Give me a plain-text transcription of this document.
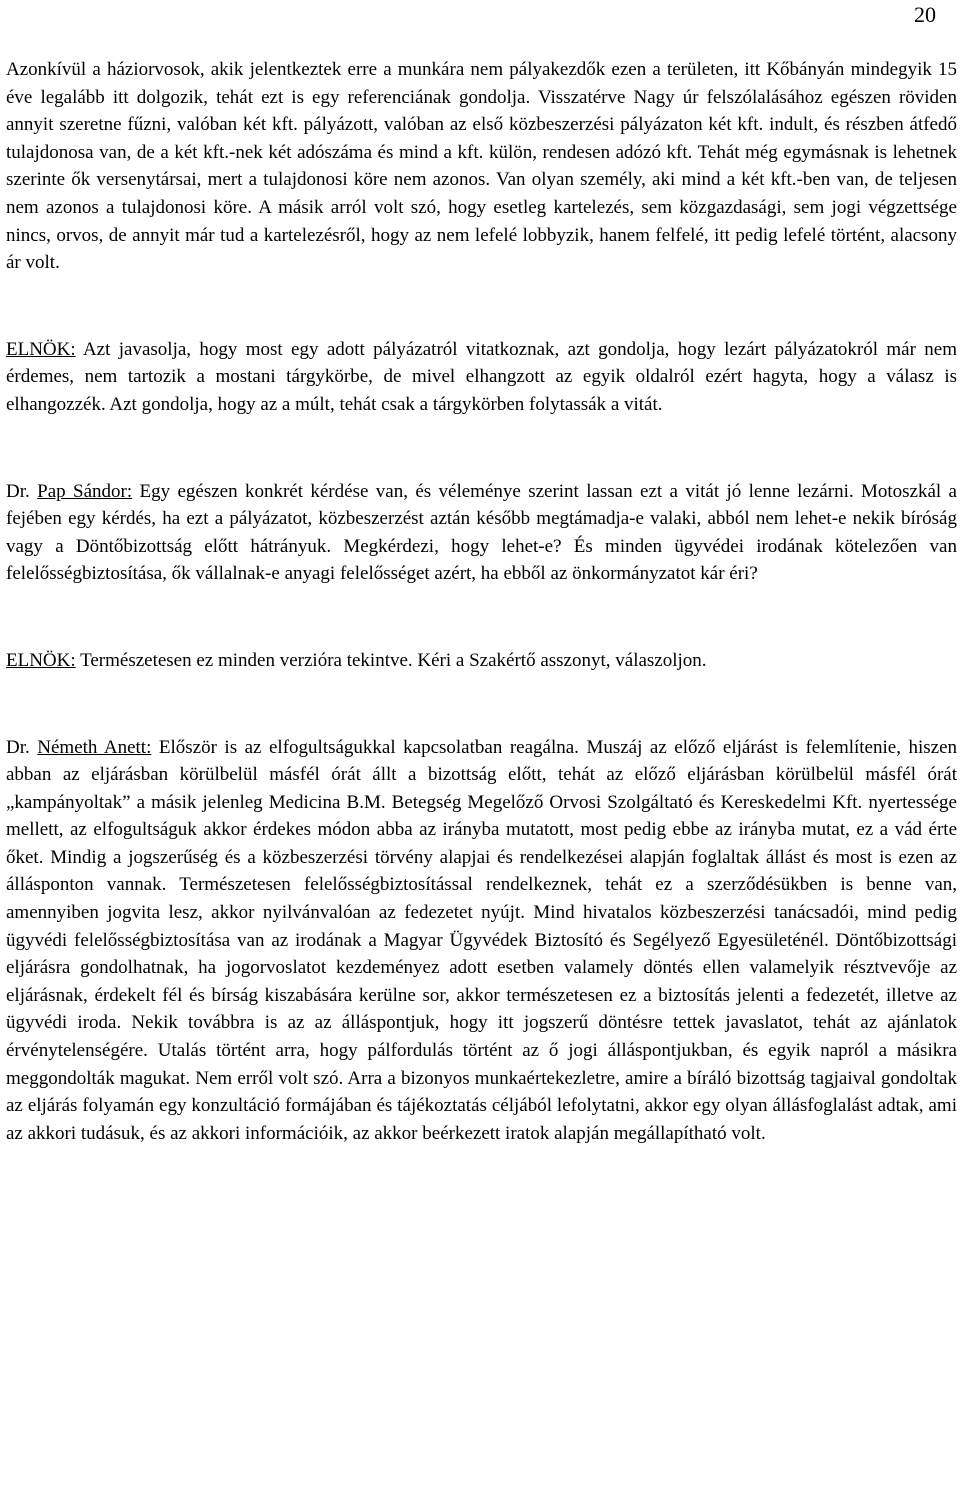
20

Azonkívül a háziorvosok, akik jelentkeztek erre a munkára nem pályakezdők ezen a területen, itt Kőbányán mindegyik 15 éve legalább itt dolgozik, tehát ezt is egy referenciának gondolja. Visszatérve Nagy úr felszólalásához egészen röviden annyit szeretne fűzni, valóban két kft. pályázott, valóban az első közbeszerzési pályázaton két kft. indult, és részben átfedő tulajdonosa van, de a két kft.-nek két adószáma és mind a kft. külön, rendesen adózó kft. Tehát még egymásnak is lehetnek szerinte ők versenytársai, mert a tulajdonosi köre nem azonos. Van olyan személy, aki mind a két kft.-ben van, de teljesen nem azonos a tulajdonosi köre. A másik arról volt szó, hogy esetleg kartelezés, sem közgazdasági, sem jogi végzettsége nincs, orvos, de annyit már tud a kartelezésről, hogy az nem lefelé lobbyzik, hanem felfelé, itt pedig lefelé történt, alacsony ár volt.

ELNÖK: Azt javasolja, hogy most egy adott pályázatról vitatkoznak, azt gondolja, hogy lezárt pályázatokról már nem érdemes, nem tartozik a mostani tárgykörbe, de mivel elhangzott az egyik oldalról ezért hagyta, hogy a válasz is elhangozzék. Azt gondolja, hogy az a múlt, tehát csak a tárgykörben folytassák a vitát.

Dr. Pap Sándor: Egy egészen konkrét kérdése van, és véleménye szerint lassan ezt a vitát jó lenne lezárni. Motoszkál a fejében egy kérdés, ha ezt a pályázatot, közbeszerzést aztán később megtámadja-e valaki, abból nem lehet-e nekik bíróság vagy a Döntőbizottság előtt hátrányuk. Megkérdezi, hogy lehet-e? És minden ügyvédei irodának kötelezően van felelősségbiztosítása, ők vállalnak-e anyagi felelősséget azért, ha ebből az önkormányzatot kár éri?

ELNÖK: Természetesen ez minden verzióra tekintve. Kéri a Szakértő asszonyt, válaszoljon.

Dr. Németh Anett: Először is az elfogultságukkal kapcsolatban reagálna. Muszáj az előző eljárást is felemlítenie, hiszen abban az eljárásban körülbelül másfél órát állt a bizottság előtt, tehát az előző eljárásban körülbelül másfél órát „kampányoltak” a másik jelenleg Medicina B.M. Betegség Megelőző Orvosi Szolgáltató és Kereskedelmi Kft. nyertessége mellett, az elfogultságuk akkor érdekes módon abba az irányba mutatott, most pedig ebbe az irányba mutat, ez a vád érte őket. Mindig a jogszerűség és a közbeszerzési törvény alapjai és rendelkezései alapján foglaltak állást és most is ezen az állásponton vannak. Természetesen felelősségbiztosítással rendelkeznek, tehát ez a szerződésükben is benne van, amennyiben jogvita lesz, akkor nyilvánvalóan az fedezetet nyújt. Mind hivatalos közbeszerzési tanácsadói, mind pedig ügyvédi felelősségbiztosítása van az irodának a Magyar Ügyvédek Biztosító és Segélyező Egyesületénél. Döntőbizottsági eljárásra gondolhatnak, ha jogorvoslatot kezdeményez adott esetben valamely döntés ellen valamelyik résztvevője az eljárásnak, érdekelt fél és bírság kiszabására kerülne sor, akkor természetesen ez a biztosítás jelenti a fedezetét, illetve az ügyvédi iroda. Nekik továbbra is az az álláspontjuk, hogy itt jogszerű döntésre tettek javaslatot, tehát az ajánlatok érvénytelenségére. Utalás történt arra, hogy pálfordulás történt az ő jogi álláspontjukban, és egyik napról a másikra meggondolták magukat. Nem erről volt szó. Arra a bizonyos munkaértekezletre, amire a bíráló bizottság tagjaival gondoltak az eljárás folyamán egy konzultáció formájában és tájékoztatás céljából lefolytatni, akkor egy olyan állásfoglalást adtak, ami az akkori tudásuk, és az akkori információik, az akkor beérkezett iratok alapján megállapítható volt.
